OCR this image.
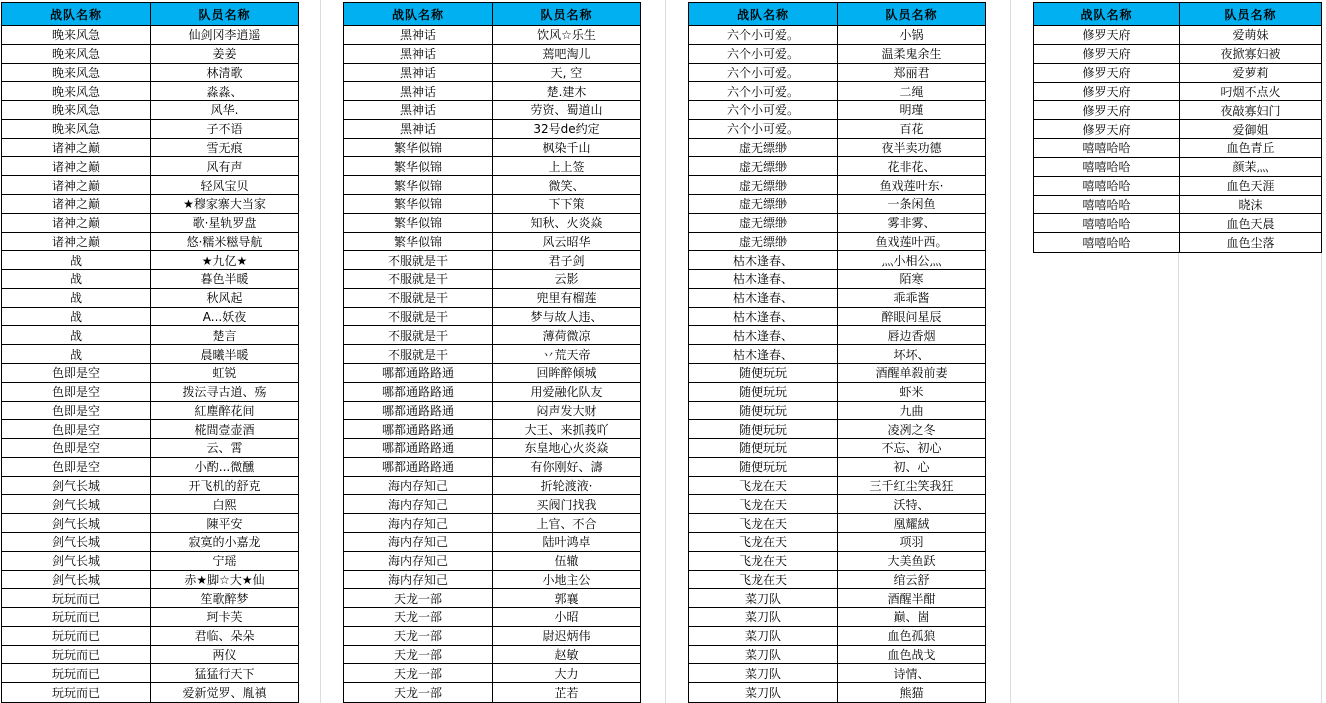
战队名称	队员名称
晚来风急	仙剑冈李逍遥
晚来风急	姜姜
晚来风急	林清歌
晚来风急	淼淼、
晚来风急	风华.
晚来风急	子不语
诸神之巅	雪无痕
诸神之巅	风有声
诸神之巅	轻风宝贝
诸神之巅	★穆家寨大当家
诸神之巅	歌·星轨罗盘
诸神之巅	悠·糯米糍导航
战	★九亿★
战	暮色半暖
战	秋风起
战	A...妖夜
战	楚言
战	晨曦半暖
色即是空	虹锐
色即是空	拨沄寻古道、殇
色即是空	紅塵醉花间
色即是空	椛間壹壶酒
色即是空	云、霄
色即是空	小酌...微醺
剑气长城	开飞机的舒克
剑气长城	白熙
剑气长城	陳平安
剑气长城	寂寞的小嘉龙
剑气长城	宁瑶
剑气长城	赤★脚☆大★仙
玩玩而已	笙歌醉梦
玩玩而已	珂卡芙
玩玩而已	君临、朵朵
玩玩而已	两仪
玩玩而已	猛猛行天下
玩玩而已	爱新觉罗、胤禛
战队名称	队员名称
黑神话	饮风☆乐生
黑神话	蔫吧淘儿
黑神话	天, 空
黑神话	楚.建木
黑神话	劳资、蜀道山
黑神话	32号de约定
繁华似锦	枫染千山
繁华似锦	上上签
繁华似锦	微笑、
繁华似锦	下下策
繁华似锦	知秋、火炎焱
繁华似锦	风云昭华
不服就是干	君子剑
不服就是干	云影
不服就是干	兜里有榴莲
不服就是干	梦与故人违、
不服就是干	薄荷微凉
不服就是干	丷荒天帝
哪都通路路通	回眸醉倾城
哪都通路路通	用爱融化队友
哪都通路路通	闷声发大财
哪都通路路通	大王、来抓莪吖
哪都通路路通	东皇地心火炎焱
哪都通路路通	有你刚好、濤
海内存知己	折轮渡液·
海内存知己	买阀门找我
海内存知己	上官、不合
海内存知己	陆叶鸿卓
海内存知己	伍辙
海内存知己	小地主公
天龙一部	郭襄
天龙一部	小昭
天龙一部	尉迟炳伟
天龙一部	赵敏
天龙一部	大力
天龙一部	芷若
战队名称	队员名称
六个小可爱。	小锅
六个小可爱。	温柔鬼余生
六个小可爱。	郑丽君
六个小可爱。	二绳
六个小可爱。	明瑾
六个小可爱。	百花
虚无缥缈	夜半卖功德
虚无缥缈	花非花、
虚无缥缈	鱼戏莲叶东·
虚无缥缈	一条闲鱼
虚无缥缈	雾非雾、
虚无缥缈	鱼戏莲叶西。
枯木逢春、	灬小相公灬
枯木逢春、	陌寒
枯木逢春、	乖乖酱
枯木逢春、	醉眼问星辰
枯木逢春、	唇边香烟
枯木逢春、	坏坏、
随便玩玩	酒醒单殺前妻
随便玩玩	虾米
随便玩玩	九曲
随便玩玩	凌冽之冬
随便玩玩	不忘、初心
随便玩玩	初、心
飞龙在天	三千红尘笑我狂
飞龙在天	沃特、
飞龙在天	凰耀絨
飞龙在天	项羽
飞龙在天	大美鱼跃
飞龙在天	绾云舒
菜刀队	酒醒半酣
菜刀队	巅、崮
菜刀队	血色孤狼
菜刀队	血色战戈
菜刀队	诗情、
菜刀队	熊猫
战队名称	队员名称
修罗天府	爱萌妹
修罗天府	夜掀寡妇被
修罗天府	爱萝莉
修罗天府	叼烟不点火
修罗天府	夜敲寡妇门
修罗天府	爱御姐
嘻嘻哈哈	血色青丘
嘻嘻哈哈	颜茉灬
嘻嘻哈哈	血色天涯
嘻嘻哈哈	晓沫
嘻嘻哈哈	血色天晨
嘻嘻哈哈	血色尘落
